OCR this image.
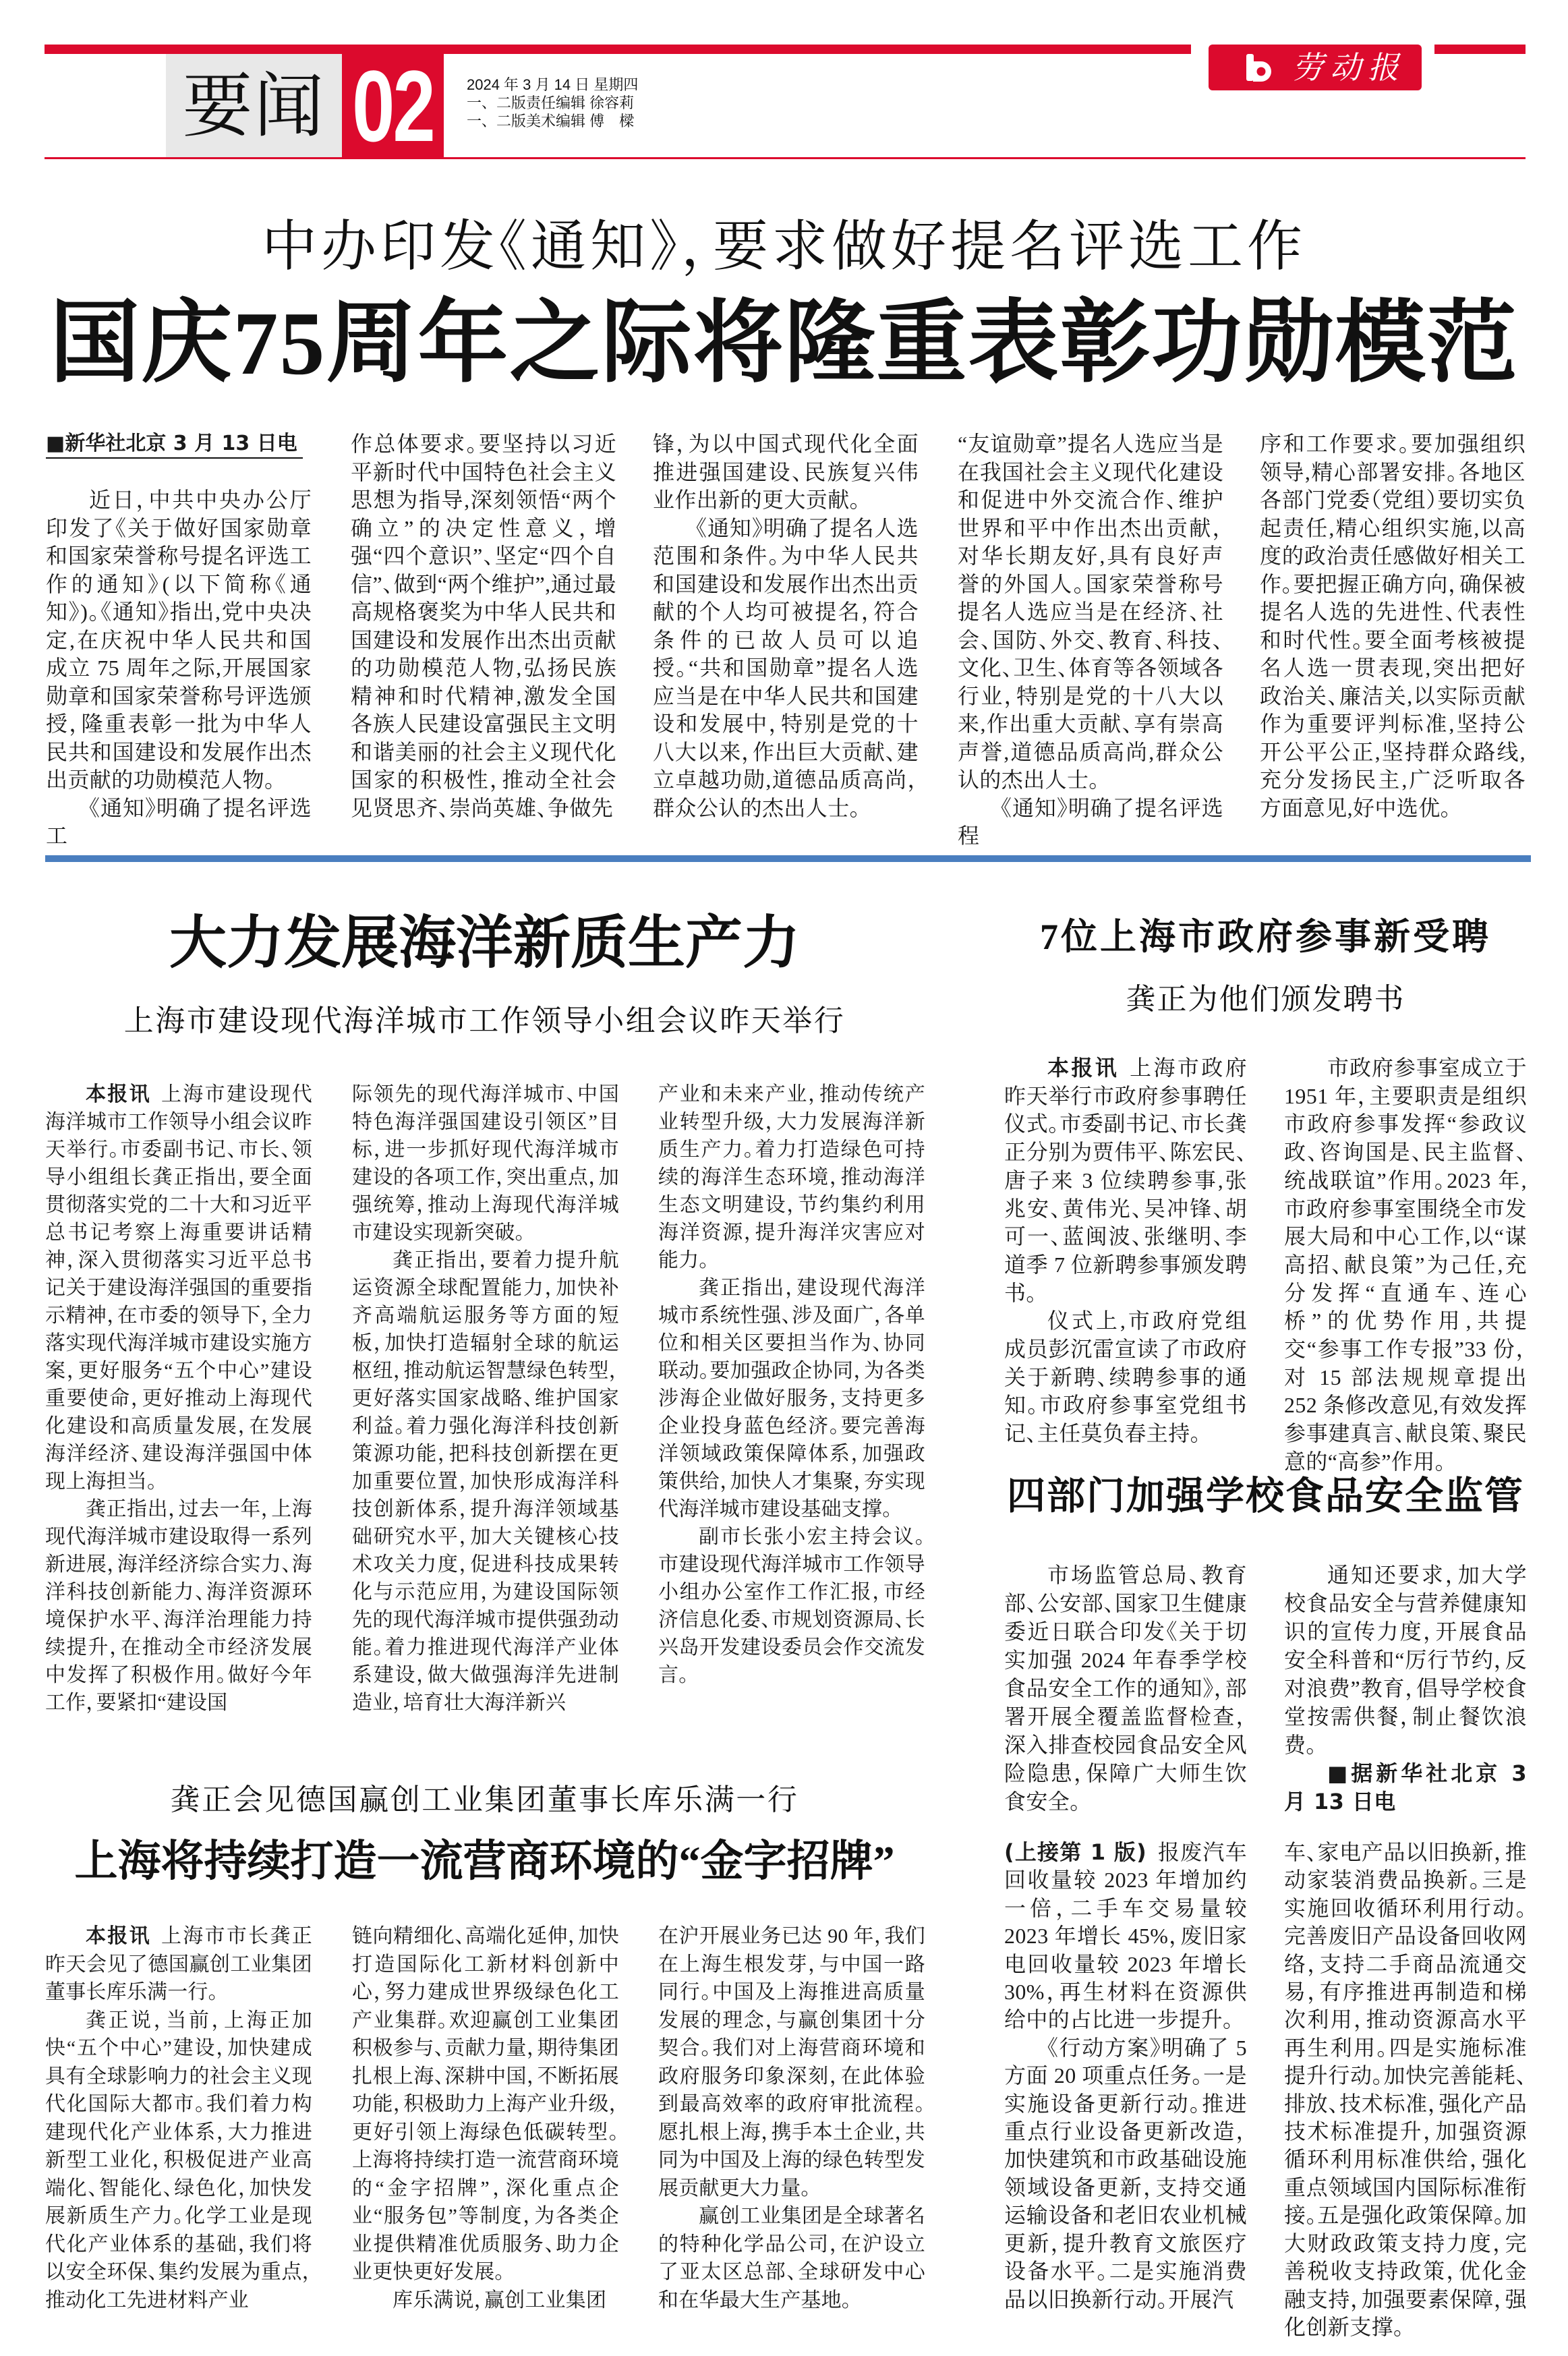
劳动报
要闻 02 2024 年 3 月 14 日 星期四
一、二版责任编辑 徐容莉
一、二版美术编辑 傅　樑
中办印发《通知》，要求做好提名评选工作
国庆75周年之际将隆重表彰功勋模范
■新华社北京 3 月 13 日电

近日，中共中央办公厅印发了《关于做好国家勋章和国家荣誉称号提名评选工作的通知》(以下简称《通知》)。《通知》指出,党中央决定,在庆祝中华人民共和国成立 75 周年之际,开展国家勋章和国家荣誉称号评选颁授，隆重表彰一批为中华人民共和国建设和发展作出杰出贡献的功勋模范人物。

《通知》明确了提名评选工

作总体要求。要坚持以习近平新时代中国特色社会主义思想为指导,深刻领悟“两个确立”的决定性意义，增强“四个意识”、坚定“四个自信”、做到“两个维护”,通过最高规格褒奖为中华人民共和国建设和发展作出杰出贡献的功勋模范人物,弘扬民族精神和时代精神,激发全国各族人民建设富强民主文明和谐美丽的社会主义现代化国家的积极性，推动全社会见贤思齐、崇尚英雄、争做先

锋，为以中国式现代化全面推进强国建设、民族复兴伟业作出新的更大贡献。

《通知》明确了提名人选范围和条件。为中华人民共和国建设和发展作出杰出贡献的个人均可被提名，符合条件的已故人员可以追授。“共和国勋章”提名人选应当是在中华人民共和国建设和发展中，特别是党的十八大以来，作出巨大贡献、建立卓越功勋,道德品质高尚，群众公认的杰出人士。

“友谊勋章”提名人选应当是在我国社会主义现代化建设和促进中外交流合作、维护世界和平中作出杰出贡献，对华长期友好,具有良好声誉的外国人。国家荣誉称号提名人选应当是在经济、社会、国防、外交、教育、科技、文化、卫生、体育等各领域各行业，特别是党的十八大以来,作出重大贡献、享有崇高声誉,道德品质高尚,群众公认的杰出人士。

《通知》明确了提名评选程

序和工作要求。要加强组织领导,精心部署安排。各地区各部门党委（党组）要切实负起责任,精心组织实施,以高度的政治责任感做好相关工作。要把握正确方向，确保被提名人选的先进性、代表性和时代性。要全面考核被提名人选一贯表现,突出把好政治关、廉洁关,以实际贡献作为重要评判标准,坚持公开公平公正,坚持群众路线,充分发扬民主,广泛听取各方面意见,好中选优。

大力发展海洋新质生产力
上海市建设现代海洋城市工作领导小组会议昨天举行

本报讯 上海市建设现代海洋城市工作领导小组会议昨天举行。市委副书记、市长、领导小组组长龚正指出，要全面贯彻落实党的二十大和习近平总书记考察上海重要讲话精神，深入贯彻落实习近平总书记关于建设海洋强国的重要指示精神，在市委的领导下，全力落实现代海洋城市建设实施方案，更好服务“五个中心”建设重要使命，更好推动上海现代化建设和高质量发展，在发展海洋经济、建设海洋强国中体现上海担当。

龚正指出，过去一年，上海现代海洋城市建设取得一系列新进展，海洋经济综合实力、海洋科技创新能力、海洋资源环境保护水平、海洋治理能力持续提升，在推动全市经济发展中发挥了积极作用。做好今年工作，要紧扣“建设国

际领先的现代海洋城市、中国特色海洋强国建设引领区”目标，进一步抓好现代海洋城市建设的各项工作，突出重点，加强统筹，推动上海现代海洋城市建设实现新突破。

龚正指出，要着力提升航运资源全球配置能力，加快补齐高端航运服务等方面的短板，加快打造辐射全球的航运枢纽，推动航运智慧绿色转型，更好落实国家战略、维护国家利益。着力强化海洋科技创新策源功能，把科技创新摆在更加重要位置，加快形成海洋科技创新体系，提升海洋领域基础研究水平，加大关键核心技术攻关力度，促进科技成果转化与示范应用，为建设国际领先的现代海洋城市提供强劲动能。着力推进现代海洋产业体系建设，做大做强海洋先进制造业，培育壮大海洋新兴

产业和未来产业，推动传统产业转型升级，大力发展海洋新质生产力。着力打造绿色可持续的海洋生态环境，推动海洋生态文明建设，节约集约利用海洋资源，提升海洋灾害应对能力。

龚正指出，建设现代海洋城市系统性强、涉及面广，各单位和相关区要担当作为、协同联动。要加强政企协同，为各类涉海企业做好服务，支持更多企业投身蓝色经济。要完善海洋领域政策保障体系，加强政策供给，加快人才集聚，夯实现代海洋城市建设基础支撑。

副市长张小宏主持会议。市建设现代海洋城市工作领导小组办公室作工作汇报，市经济信息化委、市规划资源局、长兴岛开发建设委员会作交流发言。

7位上海市政府参事新受聘
龚正为他们颁发聘书

本报讯 上海市政府昨天举行市政府参事聘任仪式。市委副书记、市长龚正分别为贾伟平、陈宏民、唐子来 3 位续聘参事,张兆安、黄伟光、吴冲锋、胡可一、蓝闽波、张继明、李道季 7 位新聘参事颁发聘书。

仪式上,市政府党组成员彭沉雷宣读了市政府关于新聘、续聘参事的通知。市政府参事室党组书记、主任莫负春主持。

市政府参事室成立于 1951 年，主要职责是组织市政府参事发挥“参政议政、咨询国是、民主监督、统战联谊”作用。2023 年,市政府参事室围绕全市发展大局和中心工作,以“谋高招、献良策”为己任,充分发挥“直通车、连心桥”的优势作用,共提交“参事工作专报”33 份，对 15 部法规规章提出 252 条修改意见,有效发挥参事建真言、献良策、聚民意的“高参”作用。

四部门加强学校食品安全监管

市场监管总局、教育部、公安部、国家卫生健康委近日联合印发《关于切实加强 2024 年春季学校食品安全工作的通知》，部署开展全覆盖监督检查，深入排查校园食品安全风险隐患，保障广大师生饮食安全。

通知还要求，加大学校食品安全与营养健康知识的宣传力度，开展食品安全科普和“厉行节约，反对浪费”教育，倡导学校食堂按需供餐，制止餐饮浪费。

■据新华社北京 3 月 13 日电

龚正会见德国赢创工业集团董事长库乐满一行
上海将持续打造一流营商环境的“金字招牌”

本报讯 上海市市长龚正昨天会见了德国赢创工业集团董事长库乐满一行。

龚正说，当前，上海正加快“五个中心”建设，加快建成具有全球影响力的社会主义现代化国际大都市。我们着力构建现代化产业体系，大力推进新型工业化，积极促进产业高端化、智能化、绿色化，加快发展新质生产力。化学工业是现代化产业体系的基础，我们将以安全环保、集约发展为重点，推动化工先进材料产业

链向精细化、高端化延伸，加快打造国际化工新材料创新中心，努力建成世界级绿色化工产业集群。欢迎赢创工业集团积极参与、贡献力量，期待集团扎根上海、深耕中国，不断拓展功能，积极助力上海产业升级，更好引领上海绿色低碳转型。上海将持续打造一流营商环境的“金字招牌”，深化重点企业“服务包”等制度，为各类企业提供精准优质服务、助力企业更快更好发展。

库乐满说，赢创工业集团

在沪开展业务已达 90 年，我们在上海生根发芽，与中国一路同行。中国及上海推进高质量发展的理念，与赢创集团十分契合。我们对上海营商环境和政府服务印象深刻，在此体验到最高效率的政府审批流程。愿扎根上海，携手本土企业，共同为中国及上海的绿色转型发展贡献更大力量。

赢创工业集团是全球著名的特种化学品公司，在沪设立了亚太区总部、全球研发中心和在华最大生产基地。

(上接第 1 版) 报废汽车回收量较 2023 年增加约一倍，二手车交易量较 2023 年增长 45%，废旧家电回收量较 2023 年增长 30%，再生材料在资源供给中的占比进一步提升。

《行动方案》明确了 5 方面 20 项重点任务。一是实施设备更新行动。推进重点行业设备更新改造，加快建筑和市政基础设施领域设备更新，支持交通运输设备和老旧农业机械更新，提升教育文旅医疗设备水平。二是实施消费品以旧换新行动。开展汽

车、家电产品以旧换新，推动家装消费品换新。三是实施回收循环利用行动。完善废旧产品设备回收网络，支持二手商品流通交易，有序推进再制造和梯次利用，推动资源高水平再生利用。四是实施标准提升行动。加快完善能耗、排放、技术标准，强化产品技术标准提升，加强资源循环利用标准供给，强化重点领域国内国际标准衔接。五是强化政策保障。加大财政政策支持力度，完善税收支持政策，优化金融支持，加强要素保障，强化创新支撑。
